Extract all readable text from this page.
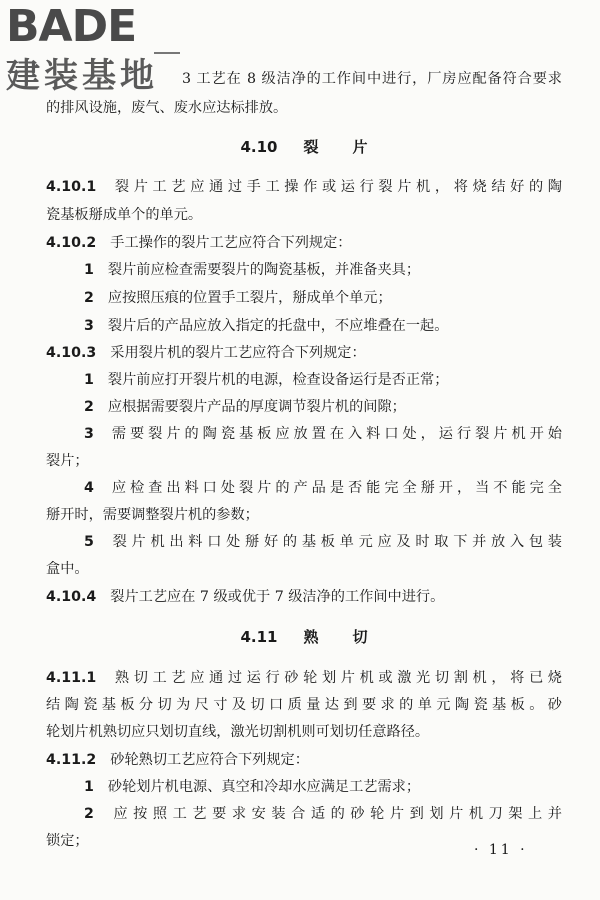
BADE
建装基地	3 工艺在 8 级洁净的工作间中进行，厂房应配备符合要求
的排风设施，废气、废水应达标排放。
4.10 裂 片
4.10.1 裂片工艺应通过手工操作或运行裂片机，将烧结好的陶
瓷基板掰成单个的单元。
4.10.2 手工操作的裂片工艺应符合下列规定：
1 裂片前应检查需要裂片的陶瓷基板，并准备夹具；
2 应按照压痕的位置手工裂片，掰成单个单元；
3 裂片后的产品应放入指定的托盘中，不应堆叠在一起。
4.10.3 采用裂片机的裂片工艺应符合下列规定：
1 裂片前应打开裂片机的电源，检查设备运行是否正常；
2 应根据需要裂片产品的厚度调节裂片机的间隙；
3 需要裂片的陶瓷基板应放置在入料口处，运行裂片机开始
裂片；
4 应检查出料口处裂片的产品是否能完全掰开，当不能完全
掰开时，需要调整裂片机的参数；
5 裂片机出料口处掰好的基板单元应及时取下并放入包装
盒中。
4.10.4 裂片工艺应在 7 级或优于 7 级洁净的工作间中进行。
4.11 熟 切
4.11.1 熟切工艺应通过运行砂轮划片机或激光切割机，将已烧
结陶瓷基板分切为尺寸及切口质量达到要求的单元陶瓷基板。砂
轮划片机熟切应只划切直线，激光切割机则可划切任意路径。
4.11.2 砂轮熟切工艺应符合下列规定：
1 砂轮划片机电源、真空和冷却水应满足工艺需求；
2 应按照工艺要求安装合适的砂轮片到划片机刀架上并
锁定；
· 11 ·
